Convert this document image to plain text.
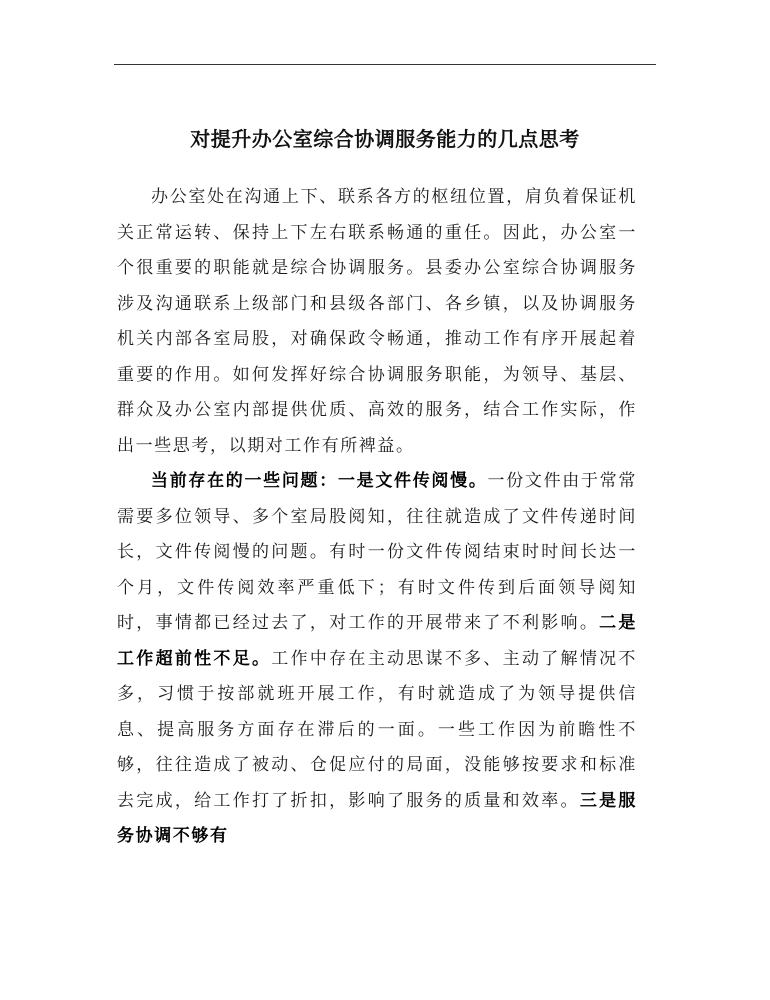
对提升办公室综合协调服务能力的几点思考

办公室处在沟通上下、联系各方的枢纽位置，肩负着保证机关正常运转、保持上下左右联系畅通的重任。因此，办公室一个很重要的职能就是综合协调服务。县委办公室综合协调服务涉及沟通联系上级部门和县级各部门、各乡镇，以及协调服务机关内部各室局股，对确保政令畅通，推动工作有序开展起着重要的作用。如何发挥好综合协调服务职能，为领导、基层、群众及办公室内部提供优质、高效的服务，结合工作实际，作出一些思考，以期对工作有所裨益。

当前存在的一些问题：一是文件传阅慢。一份文件由于常常需要多位领导、多个室局股阅知，往往就造成了文件传递时间长，文件传阅慢的问题。有时一份文件传阅结束时时间长达一个月，文件传阅效率严重低下；有时文件传到后面领导阅知时，事情都已经过去了，对工作的开展带来了不利影响。二是工作超前性不足。工作中存在主动思谋不多、主动了解情况不多，习惯于按部就班开展工作，有时就造成了为领导提供信息、提高服务方面存在滞后的一面。一些工作因为前瞻性不够，往往造成了被动、仓促应付的局面，没能够按要求和标准去完成，给工作打了折扣，影响了服务的质量和效率。三是服务协调不够有
